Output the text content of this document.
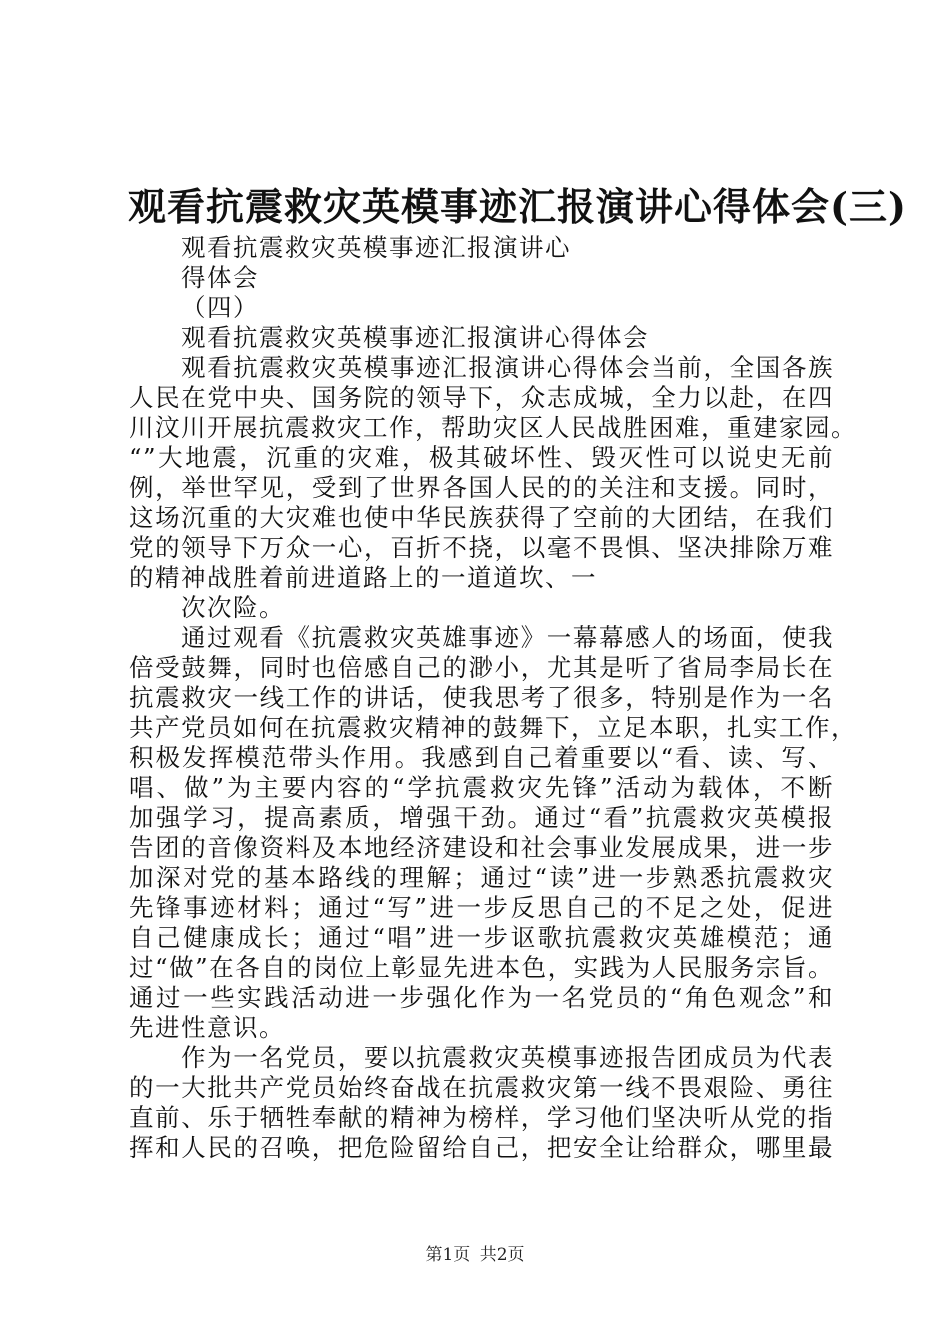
观看抗震救灾英模事迹汇报演讲心得体会(三)
观看抗震救灾英模事迹汇报演讲心
得体会
（四）
观看抗震救灾英模事迹汇报演讲心得体会
观看抗震救灾英模事迹汇报演讲心得体会当前，全国各族
人民在党中央、国务院的领导下，众志成城，全力以赴，在四
川汶川开展抗震救灾工作，帮助灾区人民战胜困难，重建家园。
“”大地震，沉重的灾难，极其破坏性、毁灭性可以说史无前
例，举世罕见，受到了世界各国人民的的关注和支援。同时，
这场沉重的大灾难也使中华民族获得了空前的大团结，在我们
党的领导下万众一心，百折不挠，以毫不畏惧、坚决排除万难
的精神战胜着前进道路上的一道道坎、一
次次险。
通过观看《抗震救灾英雄事迹》一幕幕感人的场面，使我
倍受鼓舞，同时也倍感自己的渺小，尤其是听了省局李局长在
抗震救灾一线工作的讲话，使我思考了很多，特别是作为一名
共产党员如何在抗震救灾精神的鼓舞下，立足本职，扎实工作，
积极发挥模范带头作用。我感到自己着重要以“看、读、写、
唱、做”为主要内容的“学抗震救灾先锋”活动为载体，不断
加强学习，提高素质，增强干劲。通过“看”抗震救灾英模报
告团的音像资料及本地经济建设和社会事业发展成果，进一步
加深对党的基本路线的理解；通过“读”进一步熟悉抗震救灾
先锋事迹材料；通过“写”进一步反思自己的不足之处，促进
自己健康成长；通过“唱”进一步讴歌抗震救灾英雄模范；通
过“做”在各自的岗位上彰显先进本色，实践为人民服务宗旨。
通过一些实践活动进一步强化作为一名党员的“角色观念”和
先进性意识。
作为一名党员，要以抗震救灾英模事迹报告团成员为代表
的一大批共产党员始终奋战在抗震救灾第一线不畏艰险、勇往
直前、乐于牺牲奉献的精神为榜样，学习他们坚决听从党的指
挥和人民的召唤，把危险留给自己，把安全让给群众，哪里最
第1页 共2页
